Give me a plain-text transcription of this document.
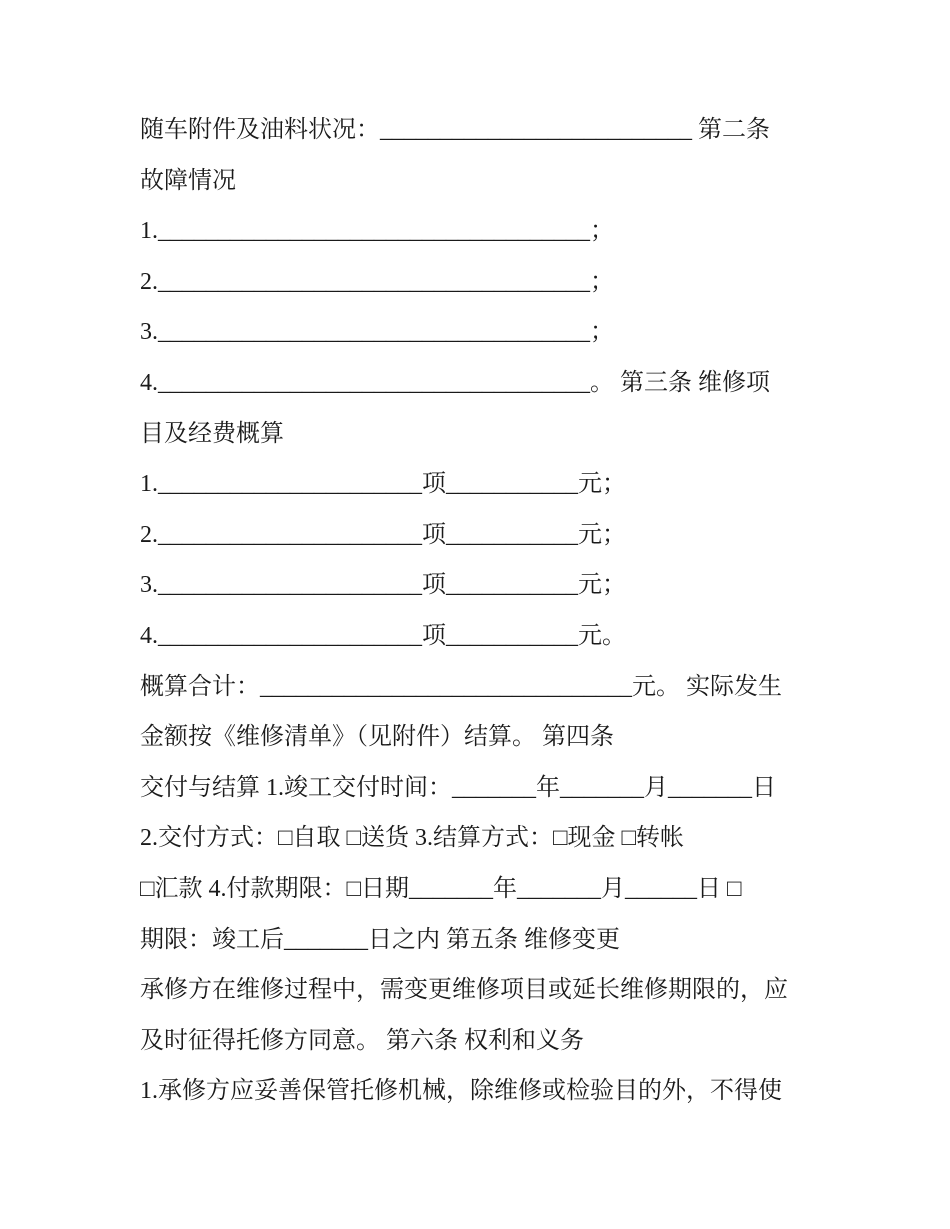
随车附件及油料状况：__________________________ 第二条
故障情况
1.____________________________________；
2.____________________________________；
3.____________________________________；
4.____________________________________。 第三条 维修项
目及经费概算
1.______________________项___________元；
2.______________________项___________元；
3.______________________项___________元；
4.______________________项___________元。
概算合计：_______________________________元。 实际发生
金额按《维修清单》（见附件）结算。 第四条
交付与结算 1.竣工交付时间：_______年_______月_______日
2.交付方式：□自取 □送货 3.结算方式：□现金 □转帐
□汇款 4.付款期限：□日期_______年_______月______日 □
期限：竣工后_______日之内 第五条 维修变更
承修方在维修过程中，需变更维修项目或延长维修期限的，应
及时征得托修方同意。 第六条 权利和义务
1.承修方应妥善保管托修机械，除维修或检验目的外，不得使
